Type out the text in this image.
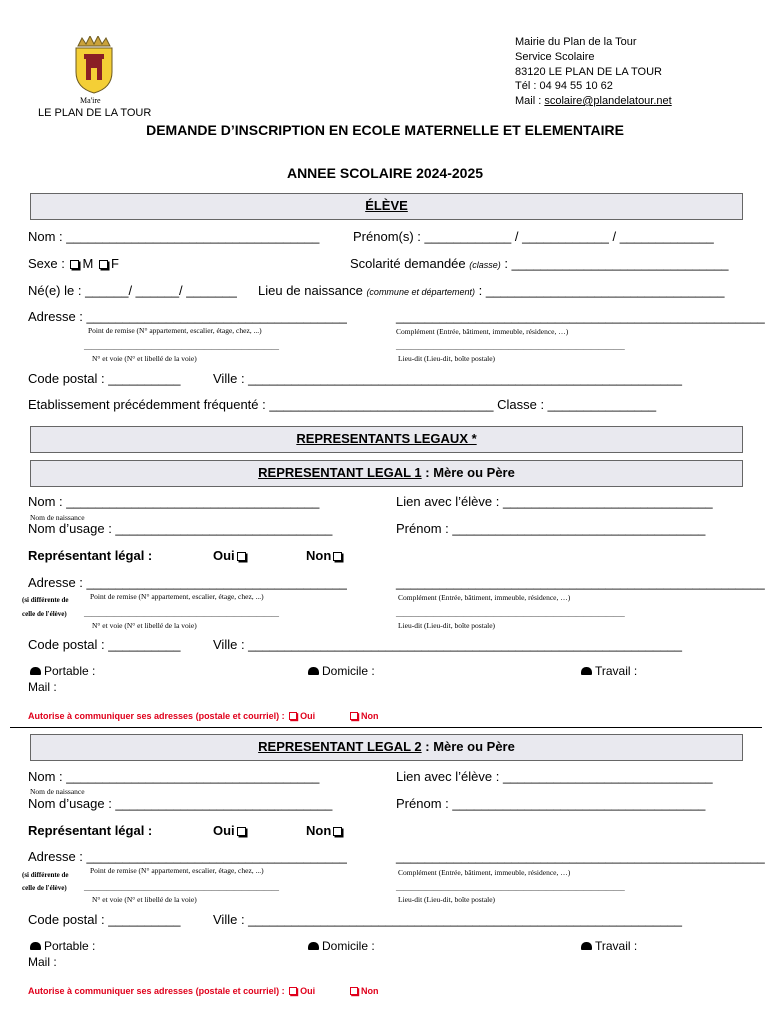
Ma'ire
LE PLAN DE LA TOUR
Mairie du Plan de la Tour
Service Scolaire
83120 LE PLAN DE LA TOUR
Tél : 04 94 55 10 62
Mail : scolaire@plandelatour.net
DEMANDE D’INSCRIPTION EN ECOLE MATERNELLE ET ELEMENTAIRE
ANNEE SCOLAIRE 2024-2025
ÉLÈVE
Nom : ___________________________________	Prénom(s) : ____________ / ____________ / _____________
Sexe : M F	Scolarité demandée (classe) : ______________________________
Né(e) le : ______/ ______/ _______ Lieu de naissance (commune et département) : _________________________________
Adresse : ____________________________________	___________________________________________________
Point de remise (N° appartement, escalier, étage, chez, ...)	Complément (Entrée, bâtiment, immeuble, résidence, …)
____________________________________________________	_____________________________________________________________
N° et voie (N° et libellé de la voie)	Lieu-dit (Lieu-dit, boîte postale)
Code postal : __________ Ville : ____________________________________________________________
Etablissement précédemment fréquenté : _______________________________ Classe : _______________
REPRESENTANTS LEGAUX *
REPRESENTANT LEGAL 1 : Mère ou Père
Nom : ___________________________________	Lien avec l’élève : _____________________________
Nom de naissance
Nom d’usage : ______________________________	Prénom : ___________________________________
Représentant légal :	Oui	Non
Adresse : ____________________________________	___________________________________________________
(si différente de	Point de remise (N° appartement, escalier, étage, chez, ...)	Complément (Entrée, bâtiment, immeuble, résidence, …)
celle de l'élève) ____________________________________________________	_____________________________________________________________
N° et voie (N° et libellé de la voie)	Lieu-dit (Lieu-dit, boîte postale)
Code postal : __________ Ville : ____________________________________________________________
Portable :	Domicile :	Travail :
Mail :
Autorise à communiquer ses adresses (postale et courriel) : Oui	Non
REPRESENTANT LEGAL 2 : Mère ou Père
Nom : ___________________________________	Lien avec l’élève : _____________________________
Nom de naissance
Nom d’usage : ______________________________	Prénom : ___________________________________
Représentant légal :	Oui	Non
Adresse : ____________________________________	___________________________________________________
(si différente de	Point de remise (N° appartement, escalier, étage, chez, ...)	Complément (Entrée, bâtiment, immeuble, résidence, …)
celle de l'élève) ____________________________________________________	_____________________________________________________________
N° et voie (N° et libellé de la voie)	Lieu-dit (Lieu-dit, boîte postale)
Code postal : __________ Ville : ____________________________________________________________
Portable :	Domicile :	Travail :
Mail :
Autorise à communiquer ses adresses (postale et courriel) : Oui	Non
